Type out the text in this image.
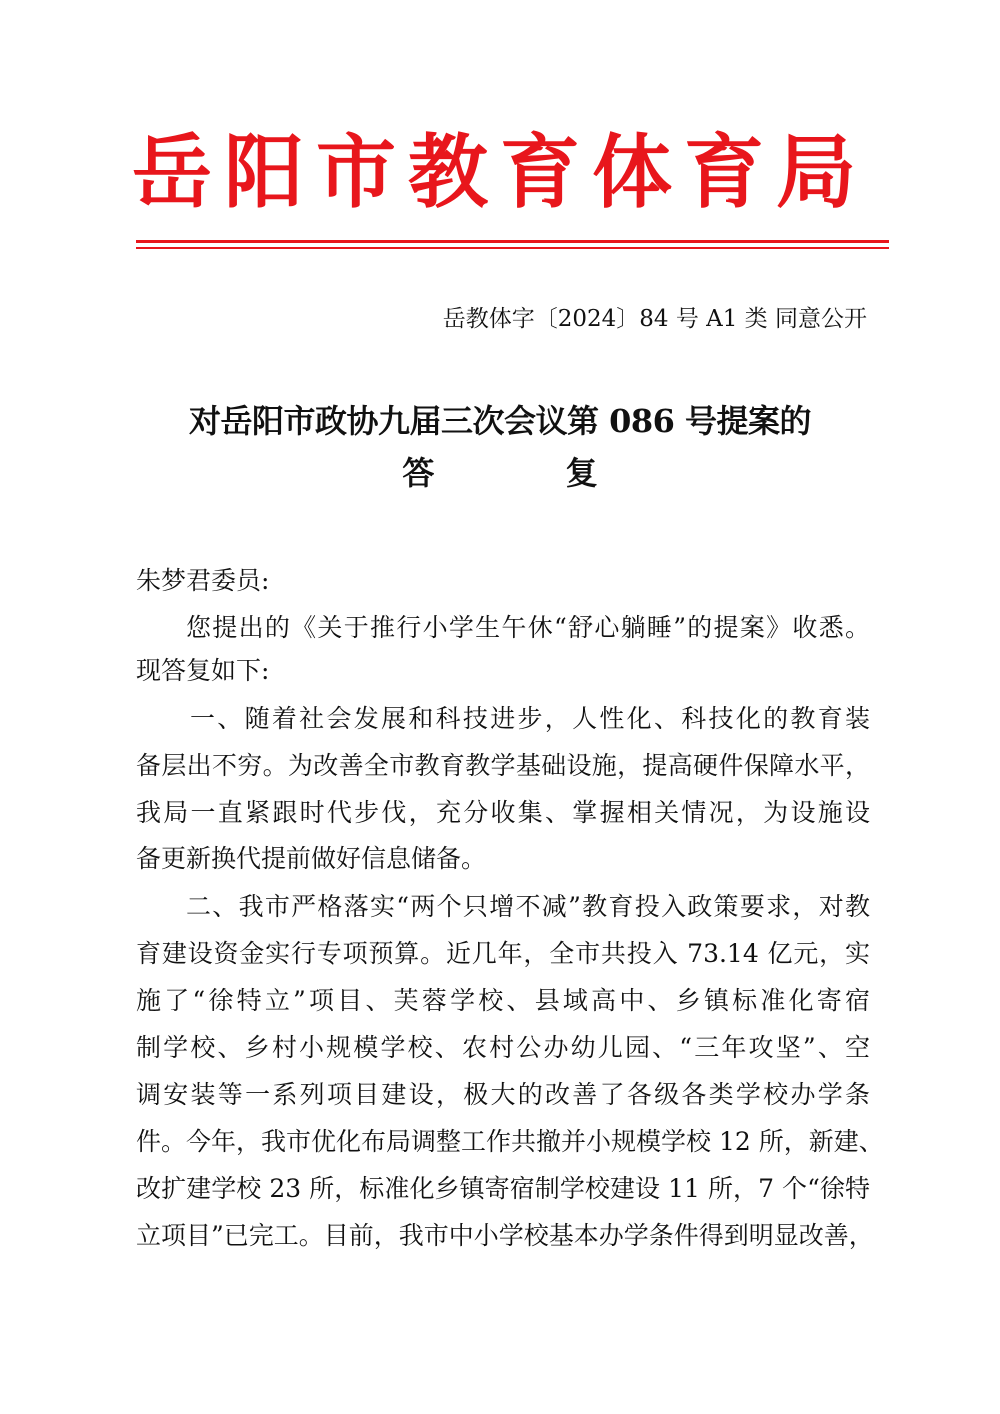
岳阳市教育体育局
岳教体字〔2024〕84 号 A1 类 同意公开
对岳阳市政协九届三次会议第 086 号提案的
答 复
朱梦君委员:
您提出的《关于推行小学生午休“舒心躺睡”的提案》收悉。
现答复如下:
一、随着社会发展和科技进步，人性化、科技化的教育装
备层出不穷。为改善全市教育教学基础设施，提高硬件保障水平，
我局一直紧跟时代步伐，充分收集、掌握相关情况，为设施设
备更新换代提前做好信息储备。
二、我市严格落实“两个只增不减”教育投入政策要求，对教
育建设资金实行专项预算。近几年，全市共投入 73.14 亿元，实
施了“徐特立”项目、芙蓉学校、县域高中、乡镇标准化寄宿
制学校、乡村小规模学校、农村公办幼儿园、“三年攻坚”、空
调安装等一系列项目建设，极大的改善了各级各类学校办学条
件。今年，我市优化布局调整工作共撤并小规模学校 12 所，新建、
改扩建学校 23 所，标准化乡镇寄宿制学校建设 11 所，7 个“徐特
立项目”已完工。目前，我市中小学校基本办学条件得到明显改善，
